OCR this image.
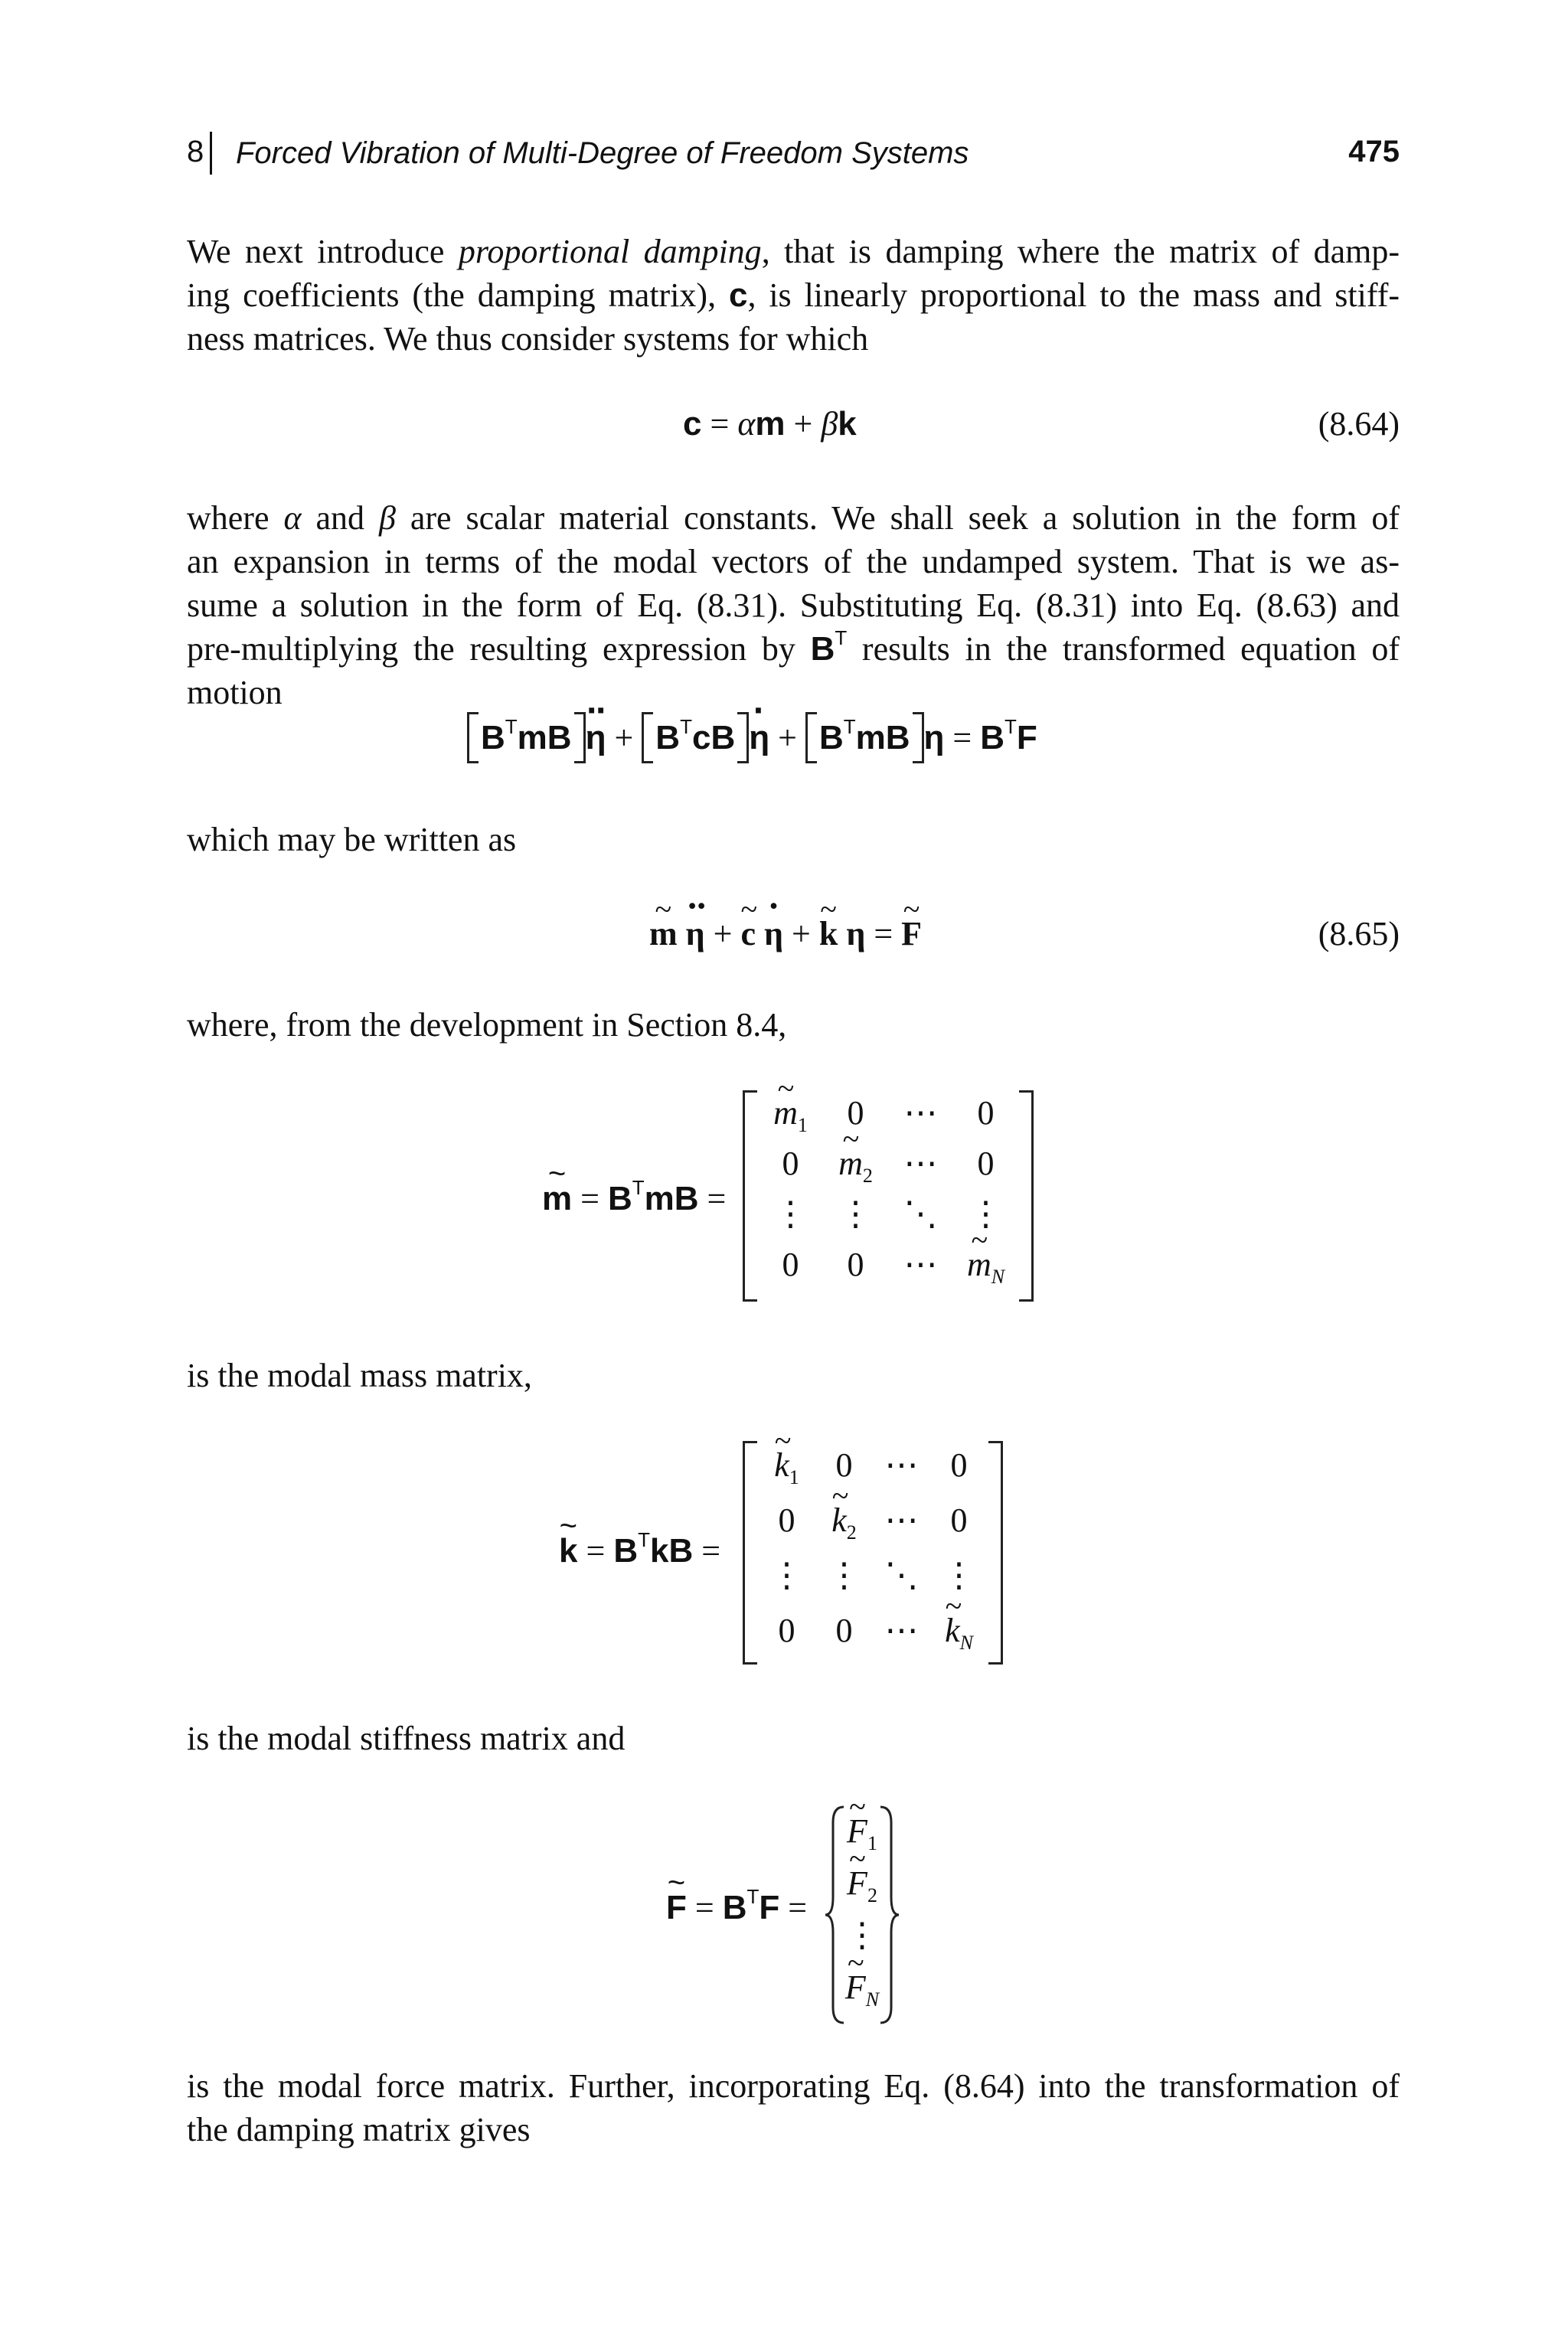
8 Forced Vibration of Multi-Degree of Freedom Systems	475
We next introduce proportional damping, that is damping where the matrix of damp-
ing coefficients (the damping matrix), c, is linearly proportional to the mass and stiff-
ness matrices. We thus consider systems for which
c = αm + βk	(8.64)
where α and β are scalar material constants. We shall seek a solution in the form of
an expansion in terms of the modal vectors of the undamped system. That is we as-
sume a solution in the form of Eq. (8.31). Substituting Eq. (8.31) into Eq. (8.63) and
pre-multiplying the resulting expression by $B^T$ results in the transformed equation of
motion
$B^TmB \cdot\cdot \eta + B^TcB \cdot \eta + B^TmB$ $\eta = B^TF$
which may be written as
~ m ·· η + ~ c · η + ~ k η = ~ F	(8.65)
where, from the development in Section 8.4,
~ $m = B^TmB$ =
~ $m_1$	0	⋯	0
0	~ $m_2$ ⋯	0
⋮ ⋮ ⋱ ⋮
0	0	⋯ ~ $m_N$
is the modal mass matrix,
~ $k = B^TkB$ =
~ $k_1$	0 ⋯ 0
0	~ $k_2$ ⋯ 0
⋮ ⋮ ⋱ ⋮
0	0 ⋯ ~ $k_N$
is the modal stiffness matrix and
~ $F = B^TF$ =
~ $F_1$
~ $F_2$
⋮
~ $F_N$
is the modal force matrix. Further, incorporating Eq. (8.64) into the transformation of
the damping matrix gives
